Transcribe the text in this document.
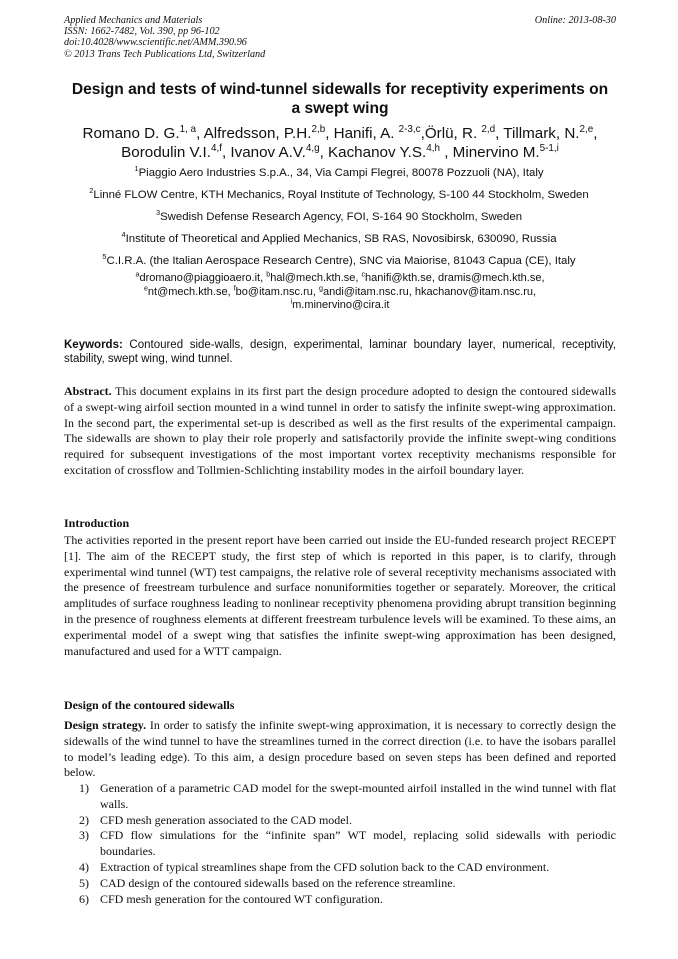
Applied Mechanics and Materials
ISSN: 1662-7482, Vol. 390, pp 96-102
doi:10.4028/www.scientific.net/AMM.390.96
© 2013 Trans Tech Publications Ltd, Switzerland
Online: 2013-08-30
Design and tests of wind-tunnel sidewalls for receptivity experiments on
a swept wing
Romano D. G.$^{1, a}$, Alfredsson, P.H.$^{2,b}$, Hanifi, A. $^{2-3,c}$,Örlü, R. $^{2,d}$, Tillmark, N.$^{2,e}$,
Borodulin V.I.$^{4,f}$, Ivanov A.V.$^{4,g}$, Kachanov Y.S.$^{4,h}$ , Minervino M.$^{5-1,i}$
$^1$Piaggio Aero Industries S.p.A., 34, Via Campi Flegrei, 80078 Pozzuoli (NA), Italy
$^2$Linné FLOW Centre, KTH Mechanics, Royal Institute of Technology, S-100 44 Stockholm, Sweden
$^3$Swedish Defense Research Agency, FOI, S-164 90 Stockholm, Sweden
$^4$Institute of Theoretical and Applied Mechanics, SB RAS, Novosibirsk, 630090, Russia
$^5$C.I.R.A. (the Italian Aerospace Research Centre), SNC via Maiorise, 81043 Capua (CE), Italy
$^a$dromano@piaggioaero.it, $^b$hal@mech.kth.se, $^c$hanifi@kth.se, dramis@mech.kth.se,
$^e$nt@mech.kth.se, $^f$bo@itam.nsc.ru, $^g$andi@itam.nsc.ru, hkachanov@itam.nsc.ru,
$^i$m.minervino@cira.it
Keywords: Contoured side-walls, design, experimental, laminar boundary layer, numerical, receptivity, stability, swept wing, wind tunnel.
Abstract. This document explains in its first part the design procedure adopted to design the contoured sidewalls of a swept-wing airfoil section mounted in a wind tunnel in order to satisfy the infinite swept-wing approximation. In the second part, the experimental set-up is described as well as the first results of the experimental campaign. The sidewalls are shown to play their role properly and satisfactorily provide the infinite swept-wing conditions required for subsequent investigations of the most important vortex receptivity mechanisms responsible for excitation of crossflow and Tollmien-Schlichting instability modes in the airfoil boundary layer.
Introduction
The activities reported in the present report have been carried out inside the EU-funded research project RECEPT [1]. The aim of the RECEPT study, the first step of which is reported in this paper, is to clarify, through experimental wind tunnel (WT) test campaigns, the relative role of several receptivity mechanisms associated with the presence of freestream turbulence and surface nonuniformities together or separately. Moreover, the critical amplitudes of surface roughness leading to nonlinear receptivity phenomena providing abrupt transition beginning in the presence of roughness elements at different freestream turbulence levels will be examined. To these aims, an experimental model of a swept wing that satisfies the infinite swept-wing approximation has been designed, manufactured and used for a WTT campaign.
Design of the contoured sidewalls
Design strategy. In order to satisfy the infinite swept-wing approximation, it is necessary to correctly design the sidewalls of the wind tunnel to have the streamlines turned in the correct direction (i.e. to have the isobars parallel to model’s leading edge). To this aim, a design procedure based on seven steps has been defined and reported below.
1) Generation of a parametric CAD model for the swept-mounted airfoil installed in the wind tunnel with flat walls.
2) CFD mesh generation associated to the CAD model.
3) CFD flow simulations for the “infinite span” WT model, replacing solid sidewalls with periodic boundaries.
4) Extraction of typical streamlines shape from the CFD solution back to the CAD environment.
5) CAD design of the contoured sidewalls based on the reference streamline.
6) CFD mesh generation for the contoured WT configuration.
